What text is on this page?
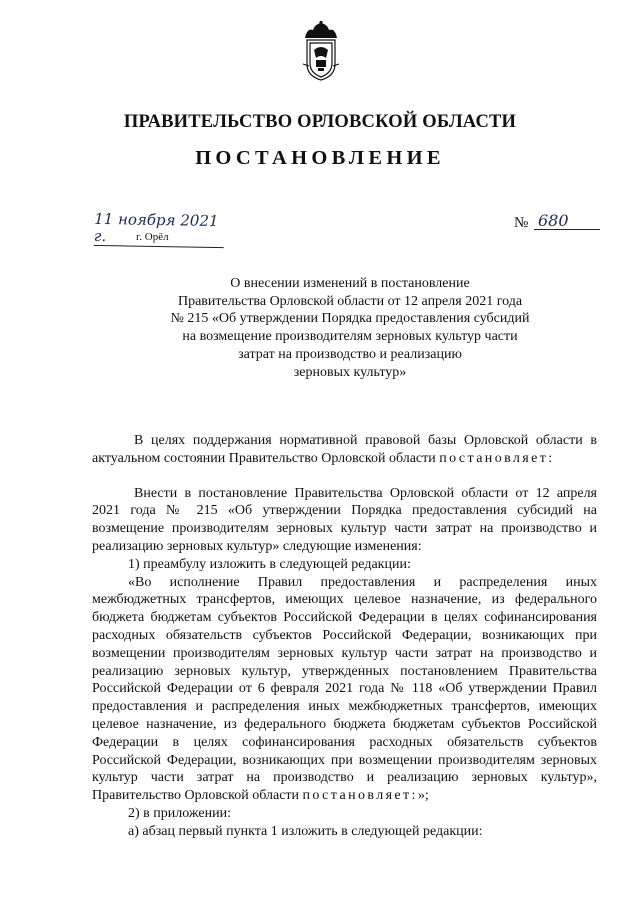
ПРАВИТЕЛЬСТВО ОРЛОВСКОЙ ОБЛАСТИ
ПОСТАНОВЛЕНИЕ
11 ноября 2021 г.	г. Орёл
№ 680
О внесении изменений в постановление
Правительства Орловской области от 12 апреля 2021 года
№ 215 «Об утверждении Порядка предоставления субсидий
на возмещение производителям зерновых культур части
затрат на производство и реализацию
зерновых культур»

В целях поддержания нормативной правовой базы Орловской области в актуальном состоянии Правительство Орловской области постановляет:

Внести в постановление Правительства Орловской области от 12 апреля 2021 года № 215 «Об утверждении Порядка предоставления субсидий на возмещение производителям зерновых культур части затрат на производство и реализацию зерновых культур» следующие изменения:

1) преамбулу изложить в следующей редакции:

«Во исполнение Правил предоставления и распределения иных межбюджетных трансфертов, имеющих целевое назначение, из федерального бюджета бюджетам субъектов Российской Федерации в целях софинансирования расходных обязательств субъектов Российской Федерации, возникающих при возмещении производителям зерновых культур части затрат на производство и реализацию зерновых культур, утвержденных постановлением Правительства Российской Федерации от 6 февраля 2021 года № 118 «Об утверждении Правил предоставления и распределения иных межбюджетных трансфертов, имеющих целевое назначение, из федерального бюджета бюджетам субъектов Российской Федерации в целях софинансирования расходных обязательств субъектов Российской Федерации, возникающих при возмещении производителям зерновых культур части затрат на производство и реализацию зерновых культур», Правительство Орловской области постановляет:»;

2) в приложении:

а) абзац первый пункта 1 изложить в следующей редакции:
